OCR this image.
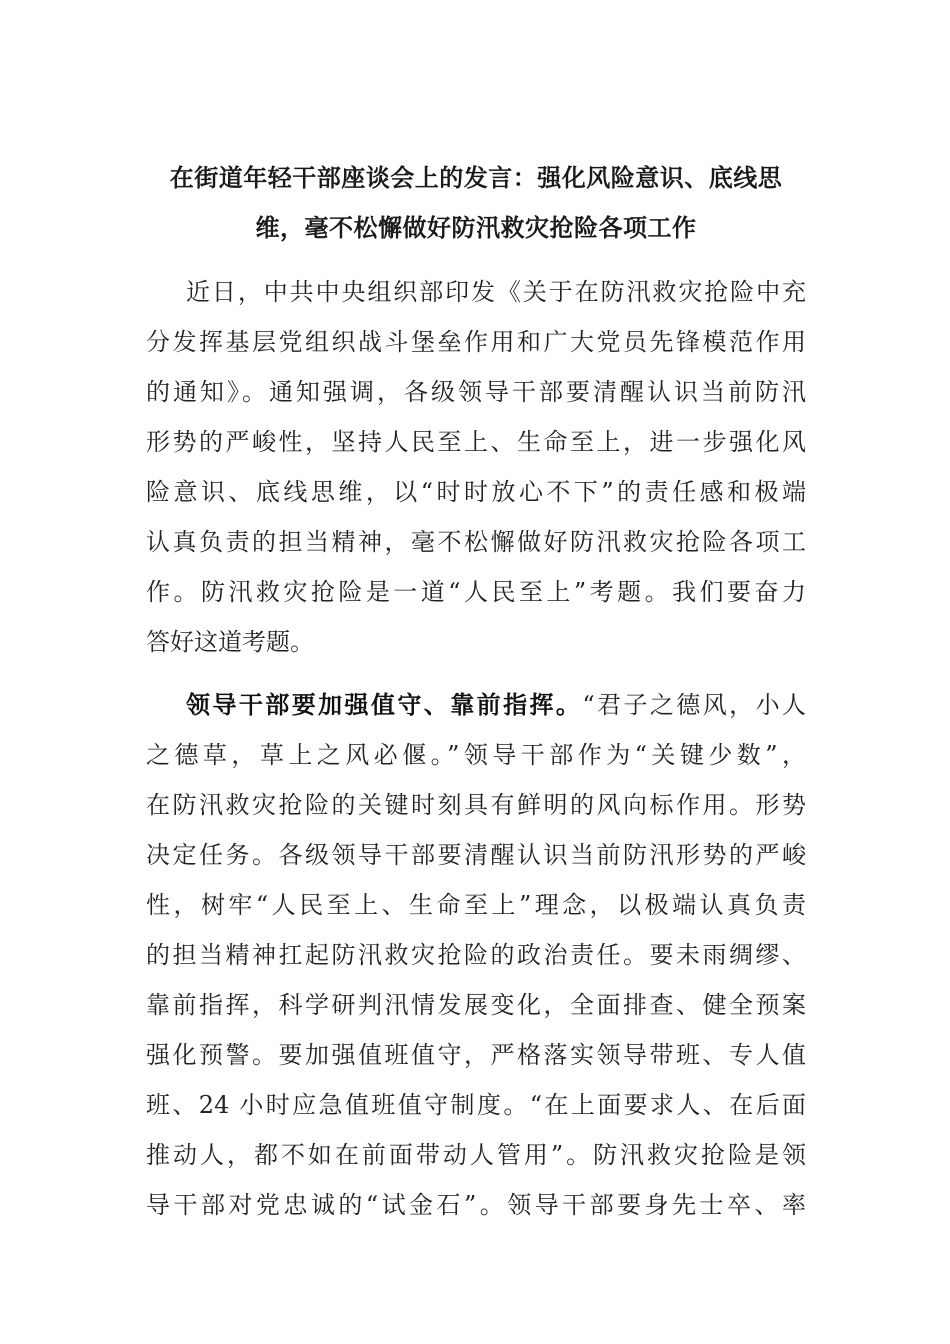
在街道年轻干部座谈会上的发言：强化风险意识、底线思
维，毫不松懈做好防汛救灾抢险各项工作
近日，中共中央组织部印发《关于在防汛救灾抢险中充
分发挥基层党组织战斗堡垒作用和广大党员先锋模范作用
的通知》。通知强调，各级领导干部要清醒认识当前防汛
形势的严峻性，坚持人民至上、生命至上，进一步强化风
险意识、底线思维，以“时时放心不下”的责任感和极端
认真负责的担当精神，毫不松懈做好防汛救灾抢险各项工
作。防汛救灾抢险是一道“人民至上”考题。我们要奋力
答好这道考题。
领导干部要加强值守、靠前指挥。“君子之德风，小人
之德草，草上之风必偃。”领导干部作为“关键少数”，
在防汛救灾抢险的关键时刻具有鲜明的风向标作用。形势
决定任务。各级领导干部要清醒认识当前防汛形势的严峻
性，树牢“人民至上、生命至上”理念，以极端认真负责
的担当精神扛起防汛救灾抢险的政治责任。要未雨绸缪、
靠前指挥，科学研判汛情发展变化，全面排查、健全预案
强化预警。要加强值班值守，严格落实领导带班、专人值
班、24 小时应急值班值守制度。“在上面要求人、在后面
推动人，都不如在前面带动人管用”。防汛救灾抢险是领
导干部对党忠诚的“试金石”。领导干部要身先士卒、率
